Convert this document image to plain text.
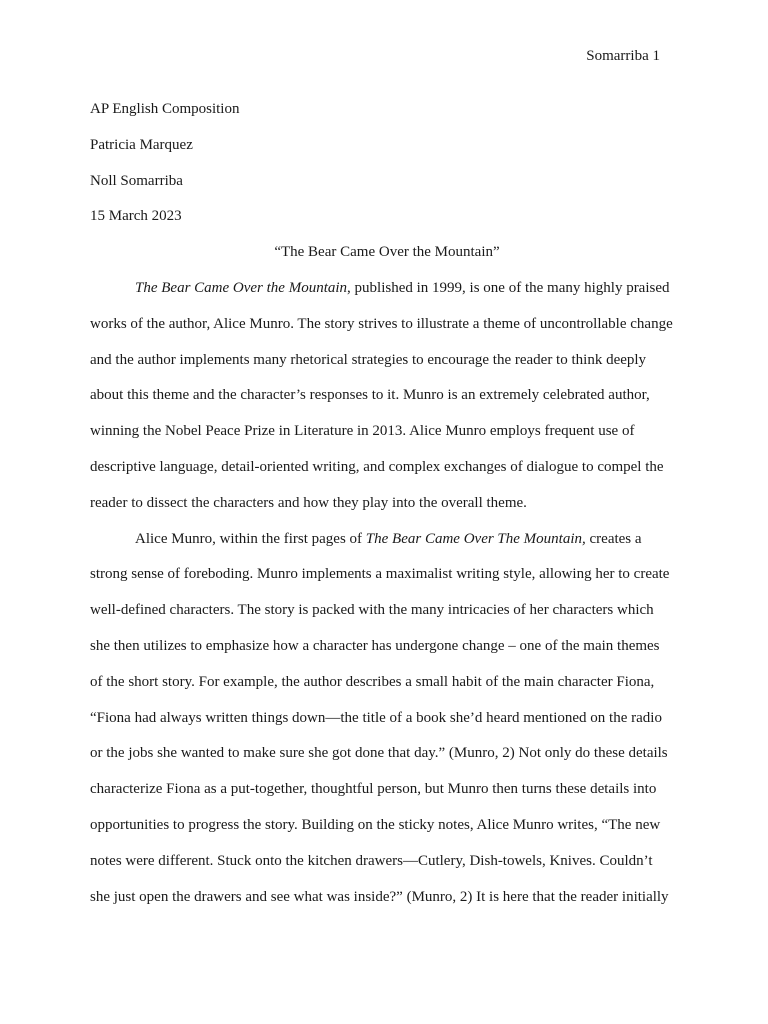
Somarriba 1
AP English Composition
Patricia Marquez
Noll Somarriba
15 March 2023
“The Bear Came Over the Mountain”
The Bear Came Over the Mountain, published in 1999, is one of the many highly praised
works of the author, Alice Munro. The story strives to illustrate a theme of uncontrollable change
and the author implements many rhetorical strategies to encourage the reader to think deeply
about this theme and the character’s responses to it. Munro is an extremely celebrated author,
winning the Nobel Peace Prize in Literature in 2013. Alice Munro employs frequent use of
descriptive language, detail-oriented writing, and complex exchanges of dialogue to compel the
reader to dissect the characters and how they play into the overall theme.
Alice Munro, within the first pages of The Bear Came Over The Mountain, creates a
strong sense of foreboding. Munro implements a maximalist writing style, allowing her to create
well-defined characters. The story is packed with the many intricacies of her characters which
she then utilizes to emphasize how a character has undergone change – one of the main themes
of the short story. For example, the author describes a small habit of the main character Fiona,
“Fiona had always written things down—the title of a book she’d heard mentioned on the radio
or the jobs she wanted to make sure she got done that day.” (Munro, 2) Not only do these details
characterize Fiona as a put-together, thoughtful person, but Munro then turns these details into
opportunities to progress the story. Building on the sticky notes, Alice Munro writes, “The new
notes were different. Stuck onto the kitchen drawers—Cutlery, Dish-towels, Knives. Couldn’t
she just open the drawers and see what was inside?” (Munro, 2) It is here that the reader initially
